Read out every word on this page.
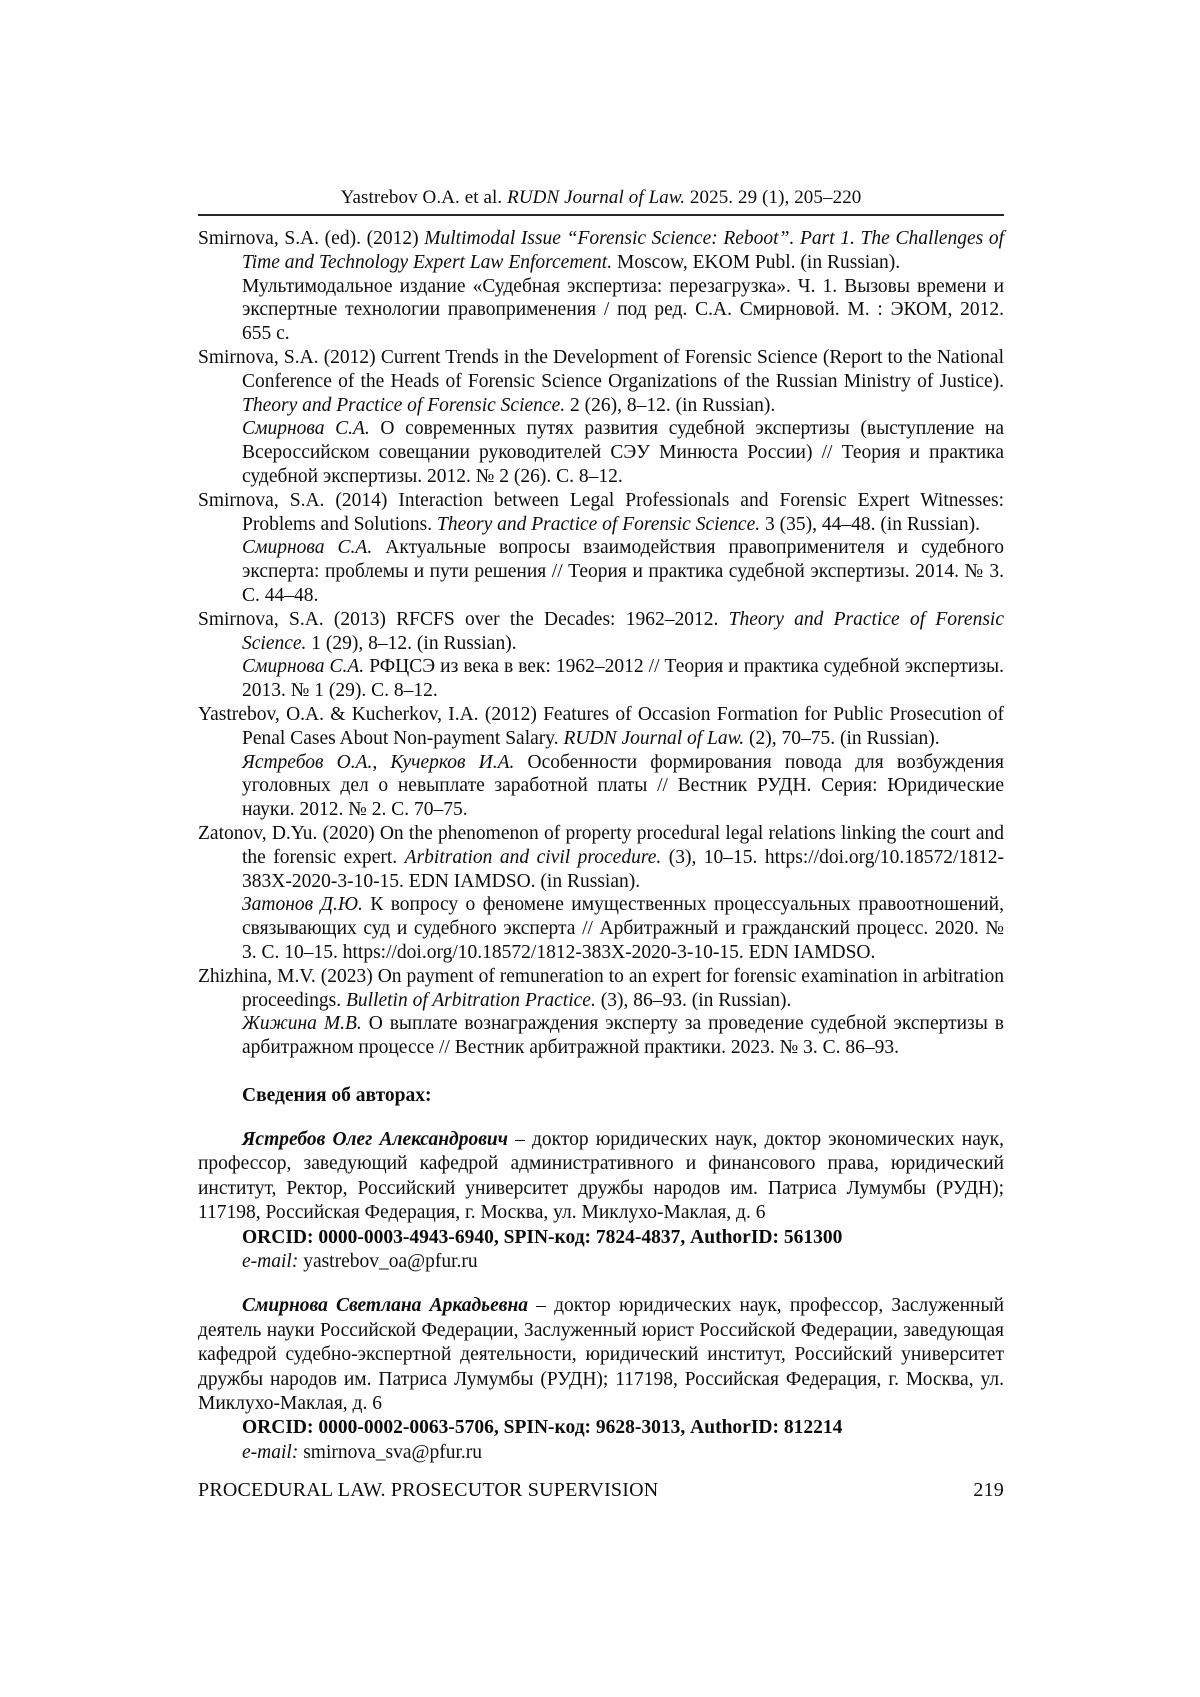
Yastrebov O.A. et al. RUDN Journal of Law. 2025. 29 (1), 205–220

Smirnova, S.A. (ed). (2012) Multimodal Issue “Forensic Science: Reboot”. Part 1. The Challenges of Time and Technology Expert Law Enforcement. Moscow, EKOM Publ. (in Russian).

Мультимодальное издание «Судебная экспертиза: перезагрузка». Ч. 1. Вызовы времени и экспертные технологии правоприменения / под ред. С.А. Смирновой. М. : ЭКОМ, 2012. 655 с.

Smirnova, S.A. (2012) Current Trends in the Development of Forensic Science (Report to the National Conference of the Heads of Forensic Science Organizations of the Russian Ministry of Justice). Theory and Practice of Forensic Science. 2 (26), 8–12. (in Russian).

Смирнова С.А. О современных путях развития судебной экспертизы (выступление на Всероссийском совещании руководителей СЭУ Минюста России) // Теория и практика судебной экспертизы. 2012. № 2 (26). С. 8–12.

Smirnova, S.A. (2014) Interaction between Legal Professionals and Forensic Expert Witnesses: Problems and Solutions. Theory and Practice of Forensic Science. 3 (35), 44–48. (in Russian).

Смирнова С.А. Актуальные вопросы взаимодействия правоприменителя и судебного эксперта: проблемы и пути решения // Теория и практика судебной экспертизы. 2014. № 3. С. 44–48.

Smirnova, S.A. (2013) RFCFS over the Decades: 1962–2012. Theory and Practice of Forensic Science. 1 (29), 8–12. (in Russian).

Смирнова С.А. РФЦСЭ из века в век: 1962–2012 // Теория и практика судебной экспертизы. 2013. № 1 (29). С. 8–12.

Yastrebov, O.A. & Kucherkov, I.A. (2012) Features of Occasion Formation for Public Prosecution of Penal Cases About Non-payment Salary. RUDN Journal of Law. (2), 70–75. (in Russian).

Ястребов О.А., Кучерков И.А. Особенности формирования повода для возбуждения уголовных дел о невыплате заработной платы // Вестник РУДН. Серия: Юридические науки. 2012. № 2. С. 70–75.

Zatonov, D.Yu. (2020) On the phenomenon of property procedural legal relations linking the court and the forensic expert. Arbitration and civil procedure. (3), 10–15. https://doi.org/10.18572/1812-383X-2020-3-10-15. EDN IAMDSO. (in Russian).

Затонов Д.Ю. К вопросу о феномене имущественных процессуальных правоотношений, связывающих суд и судебного эксперта // Арбитражный и гражданский процесс. 2020. № 3. С. 10–15. https://doi.org/10.18572/1812-383X-2020-3-10-15. EDN IAMDSO.

Zhizhina, M.V. (2023) On payment of remuneration to an expert for forensic examination in arbitration proceedings. Bulletin of Arbitration Practice. (3), 86–93. (in Russian).

Жижина М.В. О выплате вознаграждения эксперту за проведение судебной экспертизы в арбитражном процессе // Вестник арбитражной практики. 2023. № 3. С. 86–93.

Сведения об авторах:

Ястребов Олег Александрович – доктор юридических наук, доктор экономических наук, профессор, заведующий кафедрой административного и финансового права, юридический институт, Ректор, Российский университет дружбы народов им. Патриса Лумумбы (РУДН); 117198, Российская Федерация, г. Москва, ул. Миклухо-Маклая, д. 6

ORCID: 0000-0003-4943-6940, SPIN-код: 7824-4837, AuthorID: 561300

e-mail: yastrebov_oa@pfur.ru

Смирнова Светлана Аркадьевна – доктор юридических наук, профессор, Заслуженный деятель науки Российской Федерации, Заслуженный юрист Российской Федерации, заведующая кафедрой судебно-экспертной деятельности, юридический институт, Российский университет дружбы народов им. Патриса Лумумбы (РУДН); 117198, Российская Федерация, г. Москва, ул. Миклухо-Маклая, д. 6

ORCID: 0000-0002-0063-5706, SPIN-код: 9628-3013, AuthorID: 812214

e-mail: smirnova_sva@pfur.ru

PROCEDURAL LAW. PROSECUTOR SUPERVISION	219
